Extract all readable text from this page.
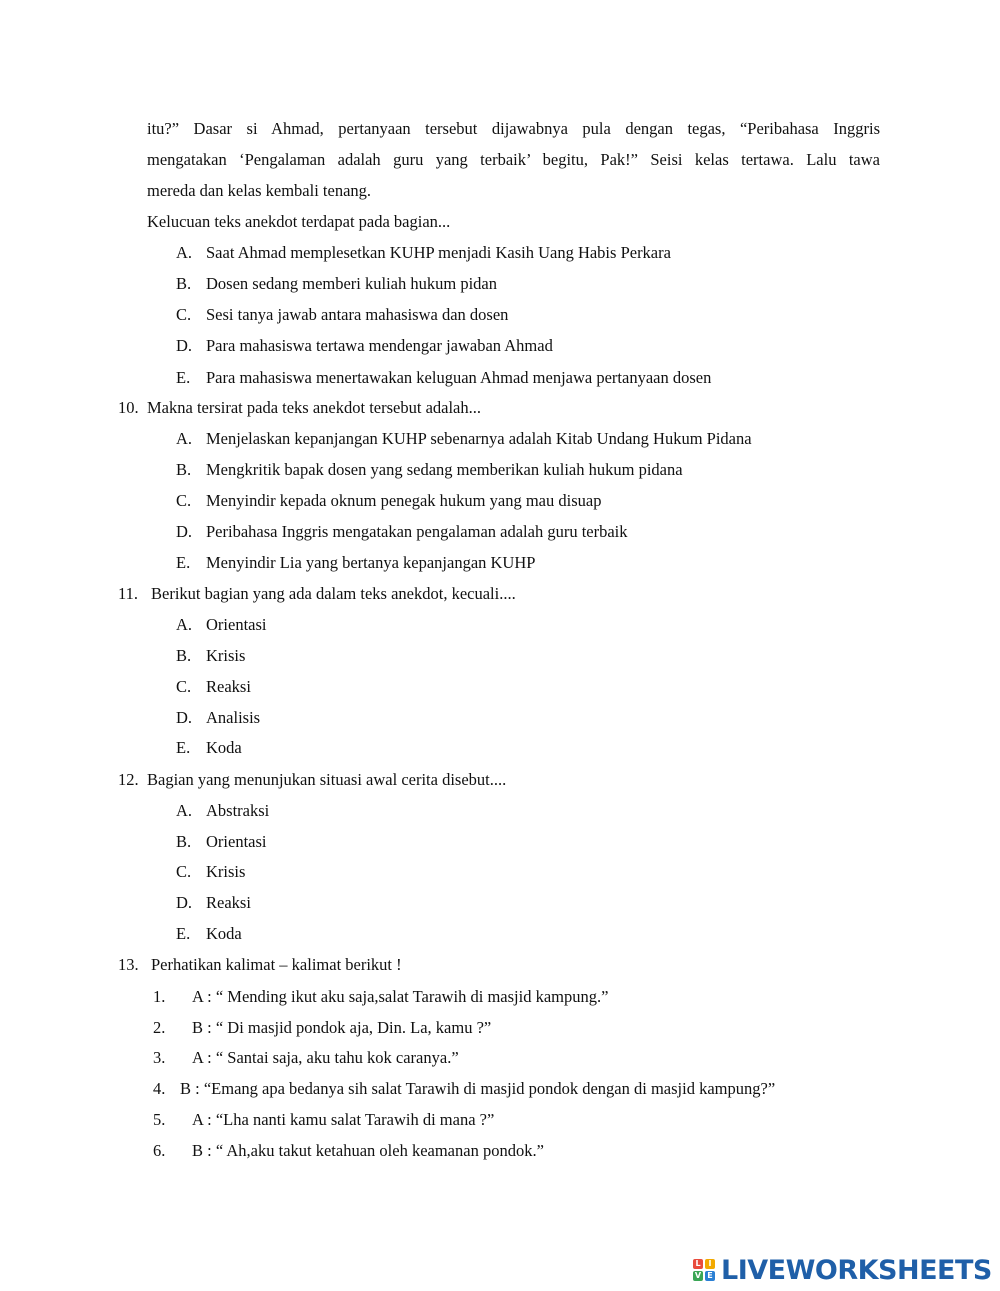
itu?” Dasar si Ahmad, pertanyaan tersebut dijawabnya pula dengan tegas, “Peribahasa Inggris
mengatakan ‘Pengalaman adalah guru yang terbaik’ begitu, Pak!” Seisi kelas tertawa. Lalu tawa
mereda dan kelas kembali tenang.
Kelucuan teks anekdot terdapat pada bagian...
A. Saat Ahmad memplesetkan KUHP menjadi Kasih Uang Habis Perkara
B. Dosen sedang memberi kuliah hukum pidan
C. Sesi tanya jawab antara mahasiswa dan dosen
D. Para mahasiswa tertawa mendengar jawaban Ahmad
E. Para mahasiswa menertawakan keluguan Ahmad menjawa pertanyaan dosen
10. Makna tersirat pada teks anekdot tersebut adalah...
A. Menjelaskan kepanjangan KUHP sebenarnya adalah Kitab Undang Hukum Pidana
B. Mengkritik bapak dosen yang sedang memberikan kuliah hukum pidana
C. Menyindir kepada oknum penegak hukum yang mau disuap
D. Peribahasa Inggris mengatakan pengalaman adalah guru terbaik
E. Menyindir Lia yang bertanya kepanjangan KUHP
11. Berikut bagian yang ada dalam teks anekdot, kecuali....
A. Orientasi
B. Krisis
C. Reaksi
D. Analisis
E. Koda
12. Bagian yang menunjukan situasi awal cerita disebut....
A. Abstraksi
B. Orientasi
C. Krisis
D. Reaksi
E. Koda
13. Perhatikan kalimat – kalimat berikut !
1. A : “ Mending ikut aku saja,salat Tarawih di masjid kampung.”
2. B : “ Di masjid pondok aja, Din. La, kamu ?”
3. A : “ Santai saja, aku tahu kok caranya.”
4. B : “Emang apa bedanya sih salat Tarawih di masjid pondok dengan di masjid kampung?”
5. A : “Lha nanti kamu salat Tarawih di mana ?”
6. B : “ Ah,aku takut ketahuan oleh keamanan pondok.”
L I
V E LIVEWORKSHEETS
